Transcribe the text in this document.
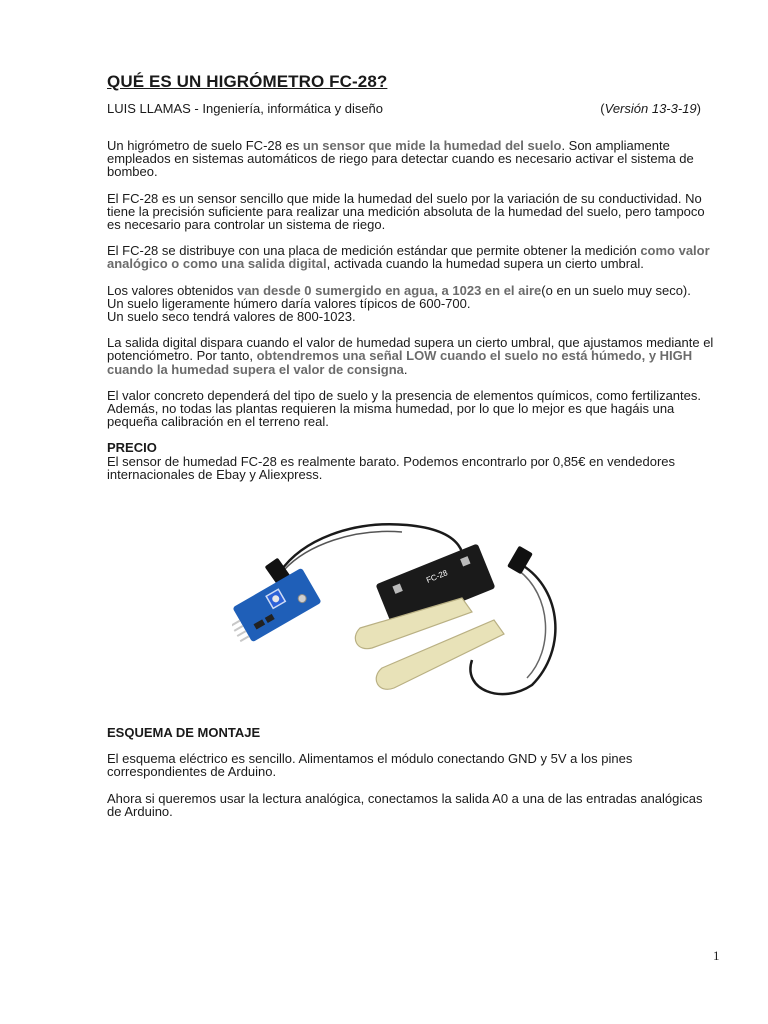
QUÉ ES UN HIGRÓMETRO FC-28?
LUIS LLAMAS - Ingeniería, informática y diseño	(Versión 13-3-19)

Un higrómetro de suelo FC-28 es un sensor que mide la humedad del suelo. Son ampliamente empleados en sistemas automáticos de riego para detectar cuando es necesario activar el sistema de bombeo.

El FC-28 es un sensor sencillo que mide la humedad del suelo por la variación de su conductividad. No tiene la precisión suficiente para realizar una medición absoluta de la humedad del suelo, pero tampoco es necesario para controlar un sistema de riego.

El FC-28 se distribuye con una placa de medición estándar que permite obtener la medición como valor analógico o como una salida digital, activada cuando la humedad supera un cierto umbral.

Los valores obtenidos van desde 0 sumergido en agua, a 1023 en el aire(o en un suelo muy seco).
Un suelo ligeramente húmero daría valores típicos de 600-700.
Un suelo seco tendrá valores de 800-1023.

La salida digital dispara cuando el valor de humedad supera un cierto umbral, que ajustamos mediante el potenciómetro. Por tanto, obtendremos una señal LOW cuando el suelo no está húmedo, y HIGH cuando la humedad supera el valor de consigna.

El valor concreto dependerá del tipo de suelo y la presencia de elementos químicos, como fertilizantes. Además, no todas las plantas requieren la misma humedad, por lo que lo mejor es que hagáis una pequeña calibración en el terreno real.

PRECIO
El sensor de humedad FC-28 es realmente barato. Podemos encontrarlo por 0,85€ en vendedores internacionales de Ebay y Aliexpress.

FC-28

ESQUEMA DE MONTAJE

El esquema eléctrico es sencillo. Alimentamos el módulo conectando GND y 5V a los pines correspondientes de Arduino.

Ahora si queremos usar la lectura analógica, conectamos la salida A0 a una de las entradas analógicas de Arduino.

1
